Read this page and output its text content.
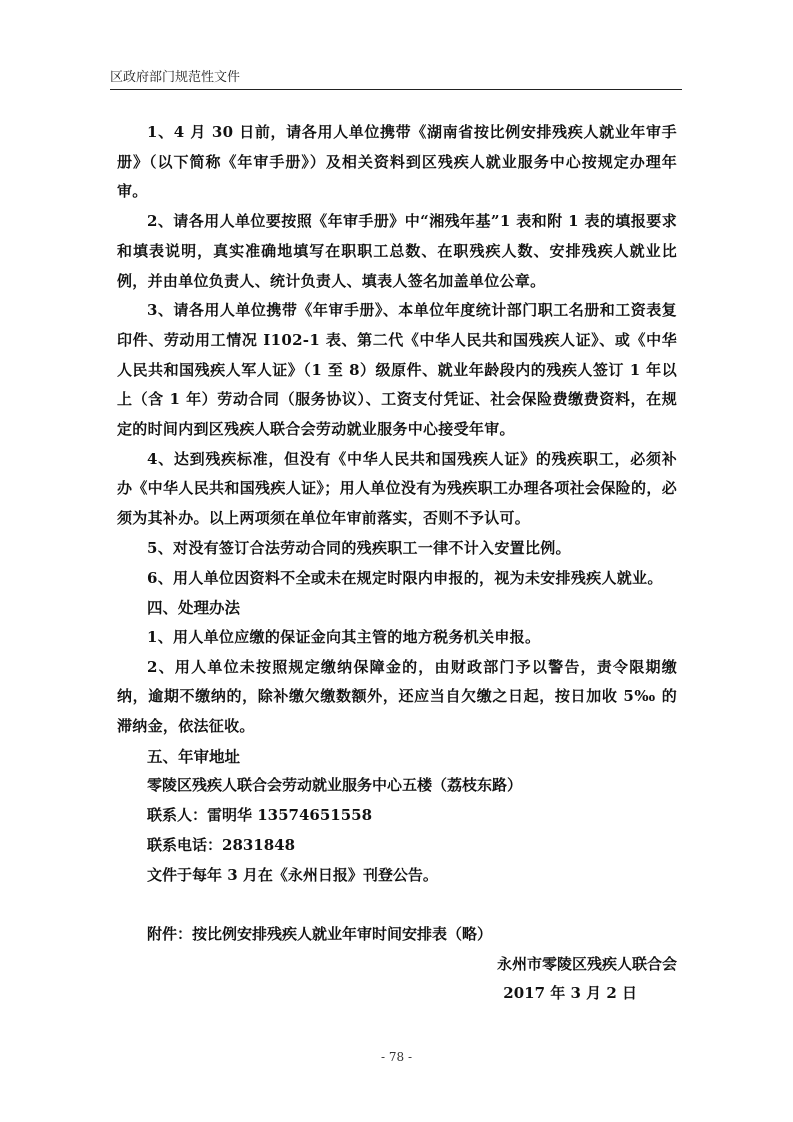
区政府部门规范性文件

1、4 月 30 日前，请各用人单位携带《湖南省按比例安排残疾人就业年审手册》（以下简称《年审手册》）及相关资料到区残疾人就业服务中心按规定办理年审。

2、请各用人单位要按照《年审手册》中“湘残年基”1 表和附 1 表的填报要求和填表说明，真实准确地填写在职职工总数、在职残疾人数、安排残疾人就业比例，并由单位负责人、统计负责人、填表人签名加盖单位公章。

3、请各用人单位携带《年审手册》、本单位年度统计部门职工名册和工资表复印件、劳动用工情况 I102-1 表、第二代《中华人民共和国残疾人证》、或《中华人民共和国残疾人军人证》（1 至 8）级原件、就业年龄段内的残疾人签订 1 年以上（含 1 年）劳动合同（服务协议）、工资支付凭证、社会保险费缴费资料，在规定的时间内到区残疾人联合会劳动就业服务中心接受年审。

4、达到残疾标准，但没有《中华人民共和国残疾人证》的残疾职工，必须补办《中华人民共和国残疾人证》；用人单位没有为残疾职工办理各项社会保险的，必须为其补办。以上两项须在单位年审前落实，否则不予认可。

5、对没有签订合法劳动合同的残疾职工一律不计入安置比例。

6、用人单位因资料不全或未在规定时限内申报的，视为未安排残疾人就业。

四、处理办法

1、用人单位应缴的保证金向其主管的地方税务机关申报。

2、用人单位未按照规定缴纳保障金的，由财政部门予以警告，责令限期缴纳，逾期不缴纳的，除补缴欠缴数额外，还应当自欠缴之日起，按日加收 5‰ 的滞纳金，依法征收。

五、年审地址

零陵区残疾人联合会劳动就业服务中心五楼（荔枝东路）

联系人：雷明华 13574651558

联系电话：2831848

文件于每年 3 月在《永州日报》刊登公告。

附件：按比例安排残疾人就业年审时间安排表（略）

永州市零陵区残疾人联合会

2017 年 3 月 2 日

- 78 -
